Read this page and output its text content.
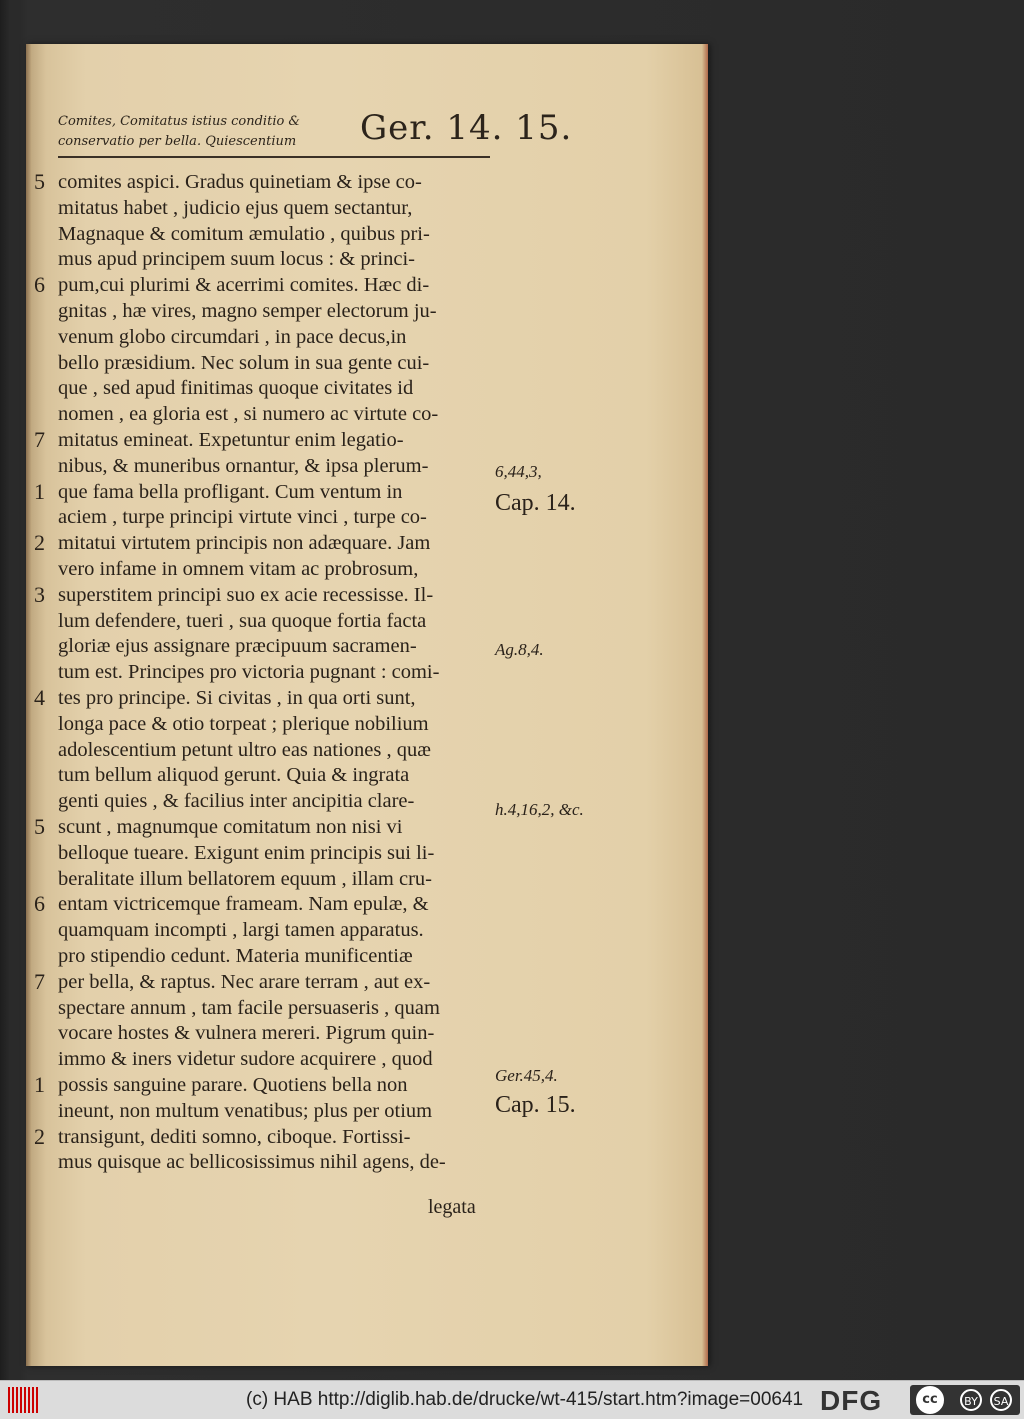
Comites, Comitatus istius conditio &
conservatio per bella. Quiescentium	Ger. 14. 15.
comites aspici. Gradus quinetiam & ipse co-
mitatus habet , judicio ejus quem sectantur,
Magnaque & comitum æmulatio , quibus pri-
mus apud principem suum locus : & princi-
pum,cui plurimi & acerrimi comites. Hæc di-
gnitas , hæ vires, magno semper electorum ju-
venum globo circumdari , in pace decus,in
bello præsidium. Nec solum in sua gente cui-
que , sed apud finitimas quoque civitates id
nomen , ea gloria est , si numero ac virtute co-
mitatus emineat. Expetuntur enim legatio-
nibus, & muneribus ornantur, & ipsa plerum-
que fama bella profligant. Cum ventum in
aciem , turpe principi virtute vinci , turpe co-
mitatui virtutem principis non adæquare. Jam
vero infame in omnem vitam ac probrosum,
superstitem principi suo ex acie recessisse. Il-
lum defendere, tueri , sua quoque fortia facta
gloriæ ejus assignare præcipuum sacramen-
tum est. Principes pro victoria pugnant : comi-
tes pro principe. Si civitas , in qua orti sunt,
longa pace & otio torpeat ; plerique nobilium
adolescentium petunt ultro eas nationes , quæ
tum bellum aliquod gerunt. Quia & ingrata
genti quies , & facilius inter ancipitia clare-
scunt , magnumque comitatum non nisi vi
belloque tueare. Exigunt enim principis sui li-
beralitate illum bellatorem equum , illam cru-
entam victricemque frameam. Nam epulæ, &
quamquam incompti , largi tamen apparatus.
pro stipendio cedunt. Materia munificentiæ
per bella, & raptus. Nec arare terram , aut ex-
spectare annum , tam facile persuaseris , quam
vocare hostes & vulnera mereri. Pigrum quin-
immo & iners videtur sudore acquirere , quod
possis sanguine parare. Quotiens bella non
ineunt, non multum venatibus; plus per otium
transigunt, dediti somno, ciboque. Fortissi-
mus quisque ac bellicosissimus nihil agens, de-
5
6
7
1
2
3
4
5
6
7
1
2
6,44,3,
Cap. 14.
Ag.8,4.
h.4,16,2, &c.
Ger.45,4.
Cap. 15.
legata
(c) HAB http://diglib.hab.de/drucke/wt-415/start.htm?image=00641 DFG	cc	BY	SA
